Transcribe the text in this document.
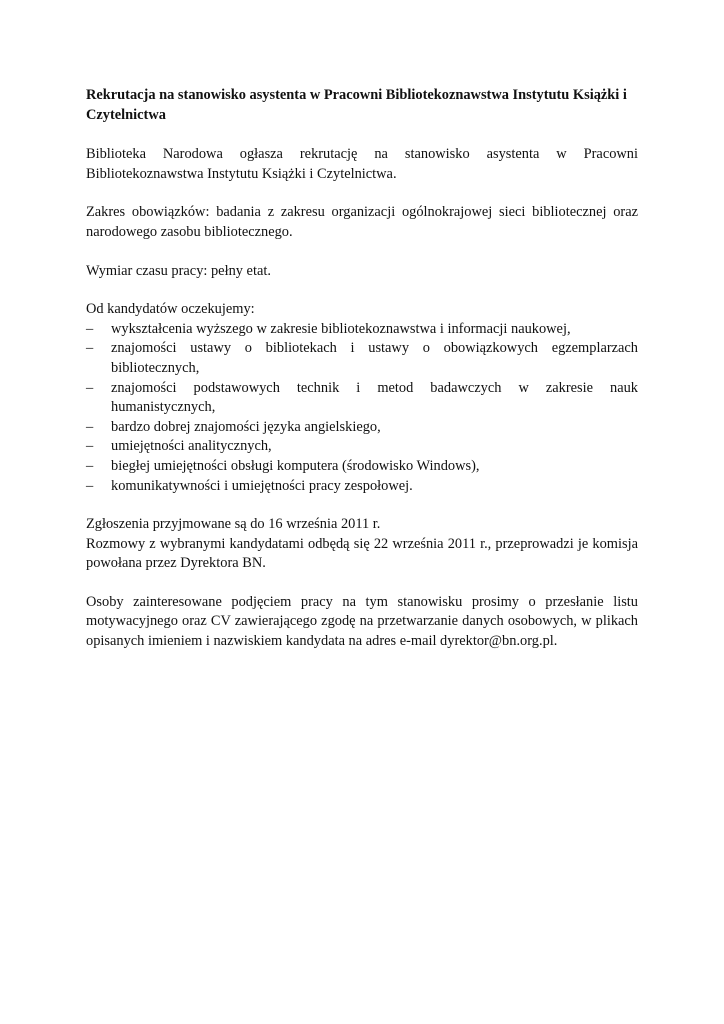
Rekrutacja na stanowisko asystenta w Pracowni Bibliotekoznawstwa Instytutu Książki i Czytelnictwa

Biblioteka Narodowa ogłasza rekrutację na stanowisko asystenta w Pracowni Bibliotekoznawstwa Instytutu Książki i Czytelnictwa.

Zakres obowiązków: badania z zakresu organizacji ogólnokrajowej sieci bibliotecznej oraz narodowego zasobu bibliotecznego.

Wymiar czasu pracy: pełny etat.

Od kandydatów oczekujemy:
– wykształcenia wyższego w zakresie bibliotekoznawstwa i informacji naukowej,
– znajomości ustawy o bibliotekach i ustawy o obowiązkowych egzemplarzach bibliotecznych,
– znajomości podstawowych technik i metod badawczych w zakresie nauk humanistycznych,
– bardzo dobrej znajomości języka angielskiego,
– umiejętności analitycznych,
– biegłej umiejętności obsługi komputera (środowisko Windows),
– komunikatywności i umiejętności pracy zespołowej.
Zgłoszenia przyjmowane są do 16 września 2011 r.

Rozmowy z wybranymi kandydatami odbędą się 22 września 2011 r., przeprowadzi je komisja powołana przez Dyrektora BN.

Osoby zainteresowane podjęciem pracy na tym stanowisku prosimy o przesłanie listu motywacyjnego oraz CV zawierającego zgodę na przetwarzanie danych osobowych, w plikach opisanych imieniem i nazwiskiem kandydata na adres e-mail dyrektor@bn.org.pl.
